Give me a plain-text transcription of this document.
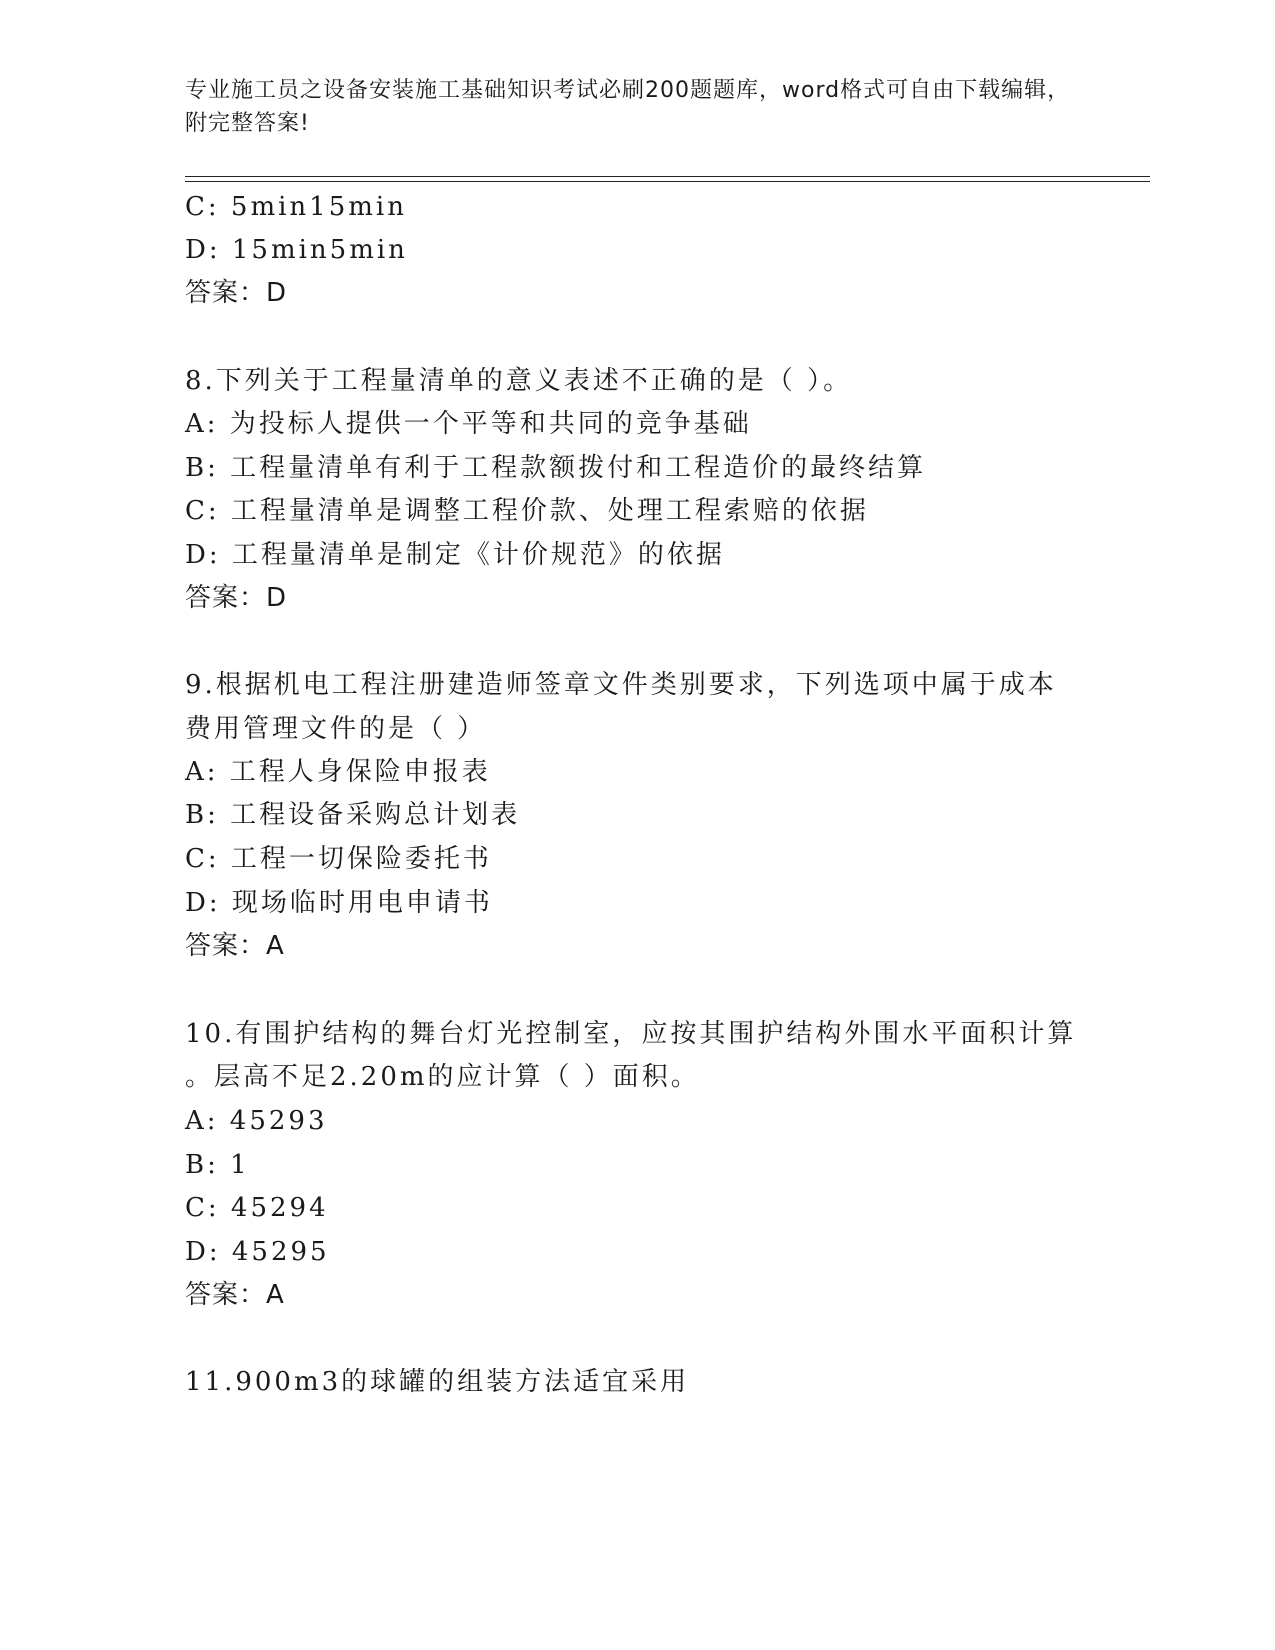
专业施工员之设备安装施工基础知识考试必刷200题题库，word格式可自由下载编辑，附完整答案!
C: 5min15min
D: 15min5min
答案：D
8.下列关于工程量清单的意义表述不正确的是（ ）。
A: 为投标人提供一个平等和共同的竞争基础
B: 工程量清单有利于工程款额拨付和工程造价的最终结算
C: 工程量清单是调整工程价款、处理工程索赔的依据
D: 工程量清单是制定《计价规范》的依据
答案：D
9.根据机电工程注册建造师签章文件类别要求，下列选项中属于成本
费用管理文件的是（ ）
A: 工程人身保险申报表
B: 工程设备采购总计划表
C: 工程一切保险委托书
D: 现场临时用电申请书
答案：A
10.有围护结构的舞台灯光控制室，应按其围护结构外围水平面积计算
。层高不足2.20m的应计算（ ）面积。
A: 45293
B: 1
C: 45294
D: 45295
答案：A
11.900m3的球罐的组装方法适宜采用
